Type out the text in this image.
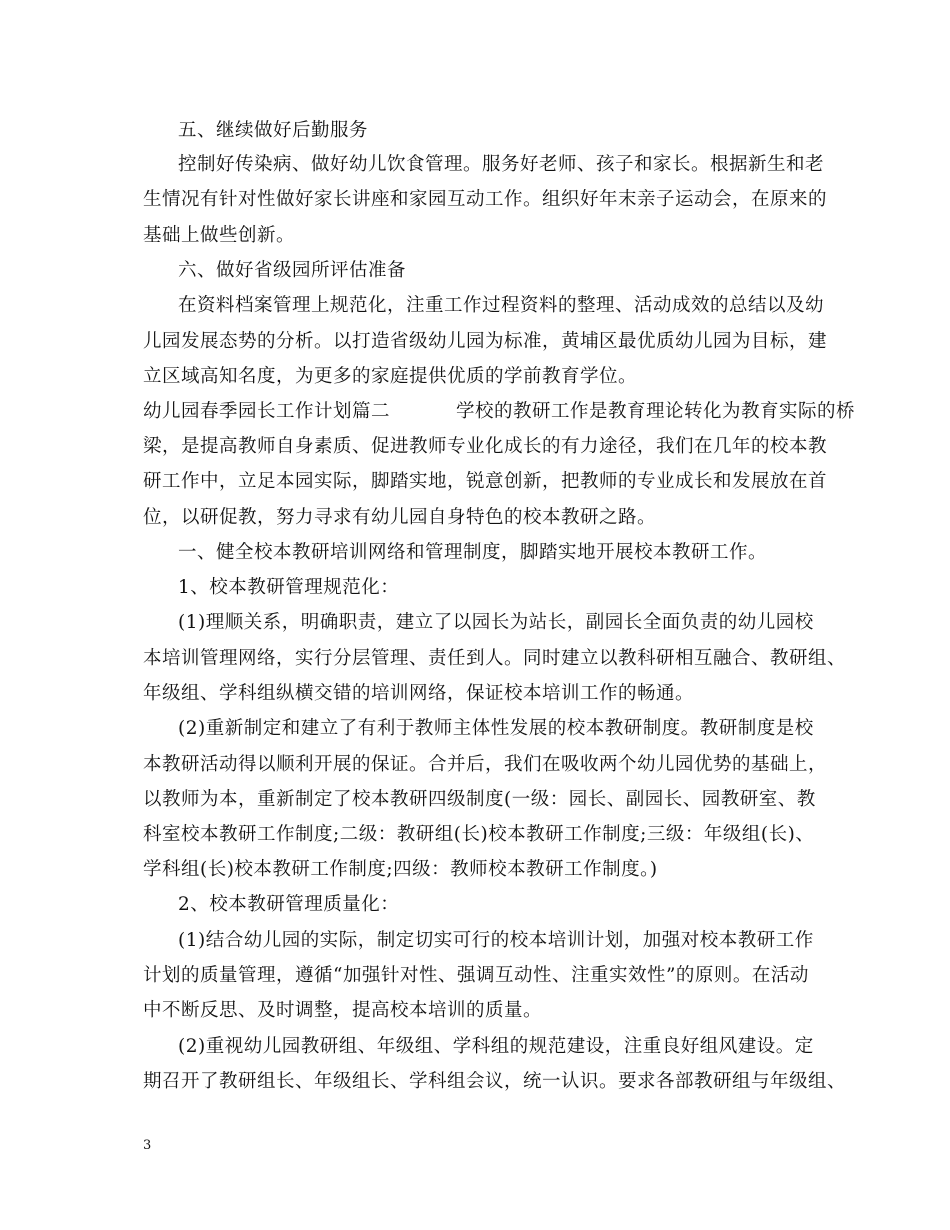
五、继续做好后勤服务
控制好传染病、做好幼儿饮食管理。服务好老师、孩子和家长。根据新生和老
生情况有针对性做好家长讲座和家园互动工作。组织好年末亲子运动会，在原来的
基础上做些创新。
六、做好省级园所评估准备
在资料档案管理上规范化，注重工作过程资料的整理、活动成效的总结以及幼
儿园发展态势的分析。以打造省级幼儿园为标准，黄埔区最优质幼儿园为目标，建
立区域高知名度，为更多的家庭提供优质的学前教育学位。
幼儿园春季园长工作计划篇二	学校的教研工作是教育理论转化为教育实际的桥
梁，是提高教师自身素质、促进教师专业化成长的有力途径，我们在几年的校本教
研工作中，立足本园实际，脚踏实地，锐意创新，把教师的专业成长和发展放在首
位，以研促教，努力寻求有幼儿园自身特色的校本教研之路。
一、健全校本教研培训网络和管理制度，脚踏实地开展校本教研工作。
1、校本教研管理规范化：
(1)理顺关系，明确职责，建立了以园长为站长，副园长全面负责的幼儿园校
本培训管理网络，实行分层管理、责任到人。同时建立以教科研相互融合、教研组、
年级组、学科组纵横交错的培训网络，保证校本培训工作的畅通。
(2)重新制定和建立了有利于教师主体性发展的校本教研制度。教研制度是校
本教研活动得以顺利开展的保证。合并后，我们在吸收两个幼儿园优势的基础上，
以教师为本，重新制定了校本教研四级制度(一级：园长、副园长、园教研室、教
科室校本教研工作制度;二级：教研组(长)校本教研工作制度;三级：年级组(长)、
学科组(长)校本教研工作制度;四级：教师校本教研工作制度。)
2、校本教研管理质量化：
(1)结合幼儿园的实际，制定切实可行的校本培训计划，加强对校本教研工作
计划的质量管理，遵循“加强针对性、强调互动性、注重实效性”的原则。在活动
中不断反思、及时调整，提高校本培训的质量。
(2)重视幼儿园教研组、年级组、学科组的规范建设，注重良好组风建设。定
期召开了教研组长、年级组长、学科组会议，统一认识。要求各部教研组与年级组、
3
